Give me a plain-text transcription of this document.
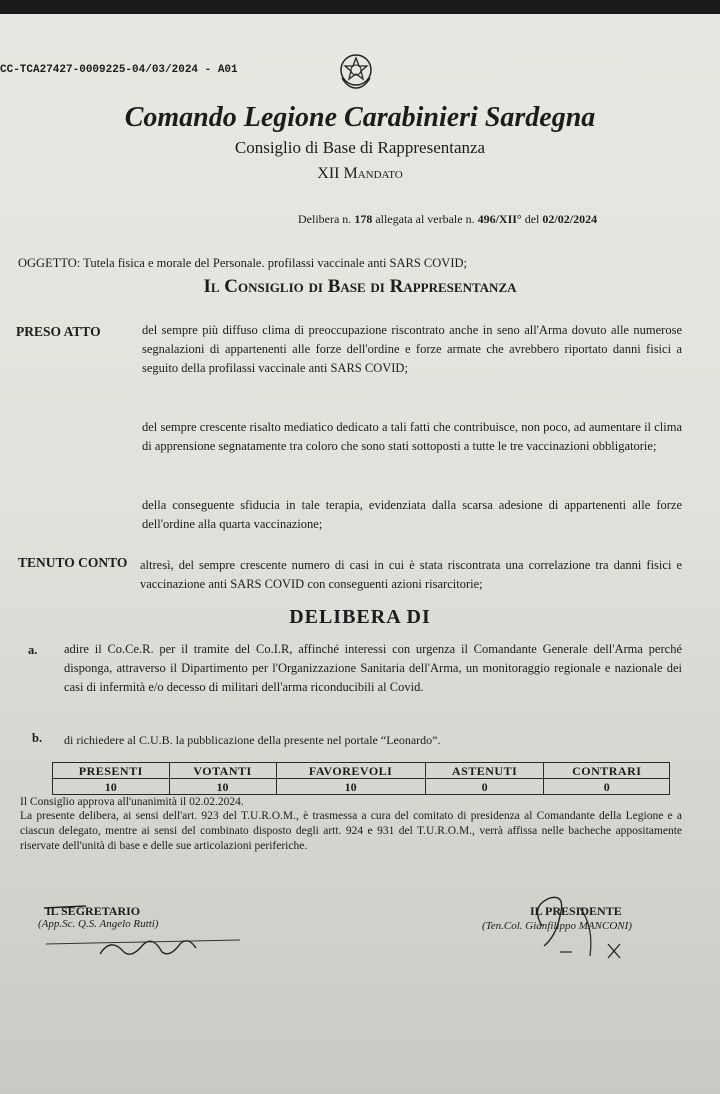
CC-TCA27427-0009225-04/03/2024 - A01
Comando Legione Carabinieri Sardegna
Consiglio di Base di Rappresentanza
XII Mandato
Delibera n. 178 allegata al verbale n. 496/XII° del 02/02/2024
OGGETTO: Tutela fisica e morale del Personale. profilassi vaccinale anti SARS COVID;
Il Consiglio di Base di Rappresentanza
PRESO ATTO	del sempre più diffuso clima di preoccupazione riscontrato anche in seno all'Arma dovuto alle numerose segnalazioni di appartenenti alle forze dell'ordine e forze armate che avrebbero riportato danni fisici a seguito della profilassi vaccinale anti SARS COVID;
del sempre crescente risalto mediatico dedicato a tali fatti che contribuisce, non poco, ad aumentare il clima di apprensione segnatamente tra coloro che sono stati sottoposti a tutte le tre vaccinazioni obbligatorie;
della conseguente sfiducia in tale terapia, evidenziata dalla scarsa adesione di appartenenti alle forze dell'ordine alla quarta vaccinazione;
TENUTO CONTO altresì, del sempre crescente numero di casi in cui è stata riscontrata una correlazione tra danni fisici e vaccinazione anti SARS COVID con conseguenti azioni risarcitorie;
DELIBERA DI
a. adire il Co.Ce.R. per il tramite del Co.I.R, affinché interessi con urgenza il Comandante Generale dell'Arma perché disponga, attraverso il Dipartimento per l'Organizzazione Sanitaria dell'Arma, un monitoraggio regionale e nazionale dei casi di infermità e/o decesso di militari dell'arma riconducibili al Covid.
b. di richiedere al C.U.B. la pubblicazione della presente nel portale “Leonardo”.
PRESENTI	VOTANTI	FAVOREVOLI	ASTENUTI	CONTRARI
10	10	10	0	0
Il Consiglio approva all'unanimità il 02.02.2024.
La presente delibera, ai sensi dell'art. 923 del T.U.R.O.M., è trasmessa a cura del comitato di presidenza al Comandante della Legione e a ciascun delegato, mentre ai sensi del combinato disposto degli artt. 924 e 931 del T.U.R.O.M., verrà affissa nelle bacheche appositamente riservate dell'unità di base e delle sue articolazioni periferiche.
IL SEGRETARIO
(App.Sc. Q.S. Angelo Rutti)
IL PRESIDENTE
(Ten.Col. Gianfilippo MANCONI)
